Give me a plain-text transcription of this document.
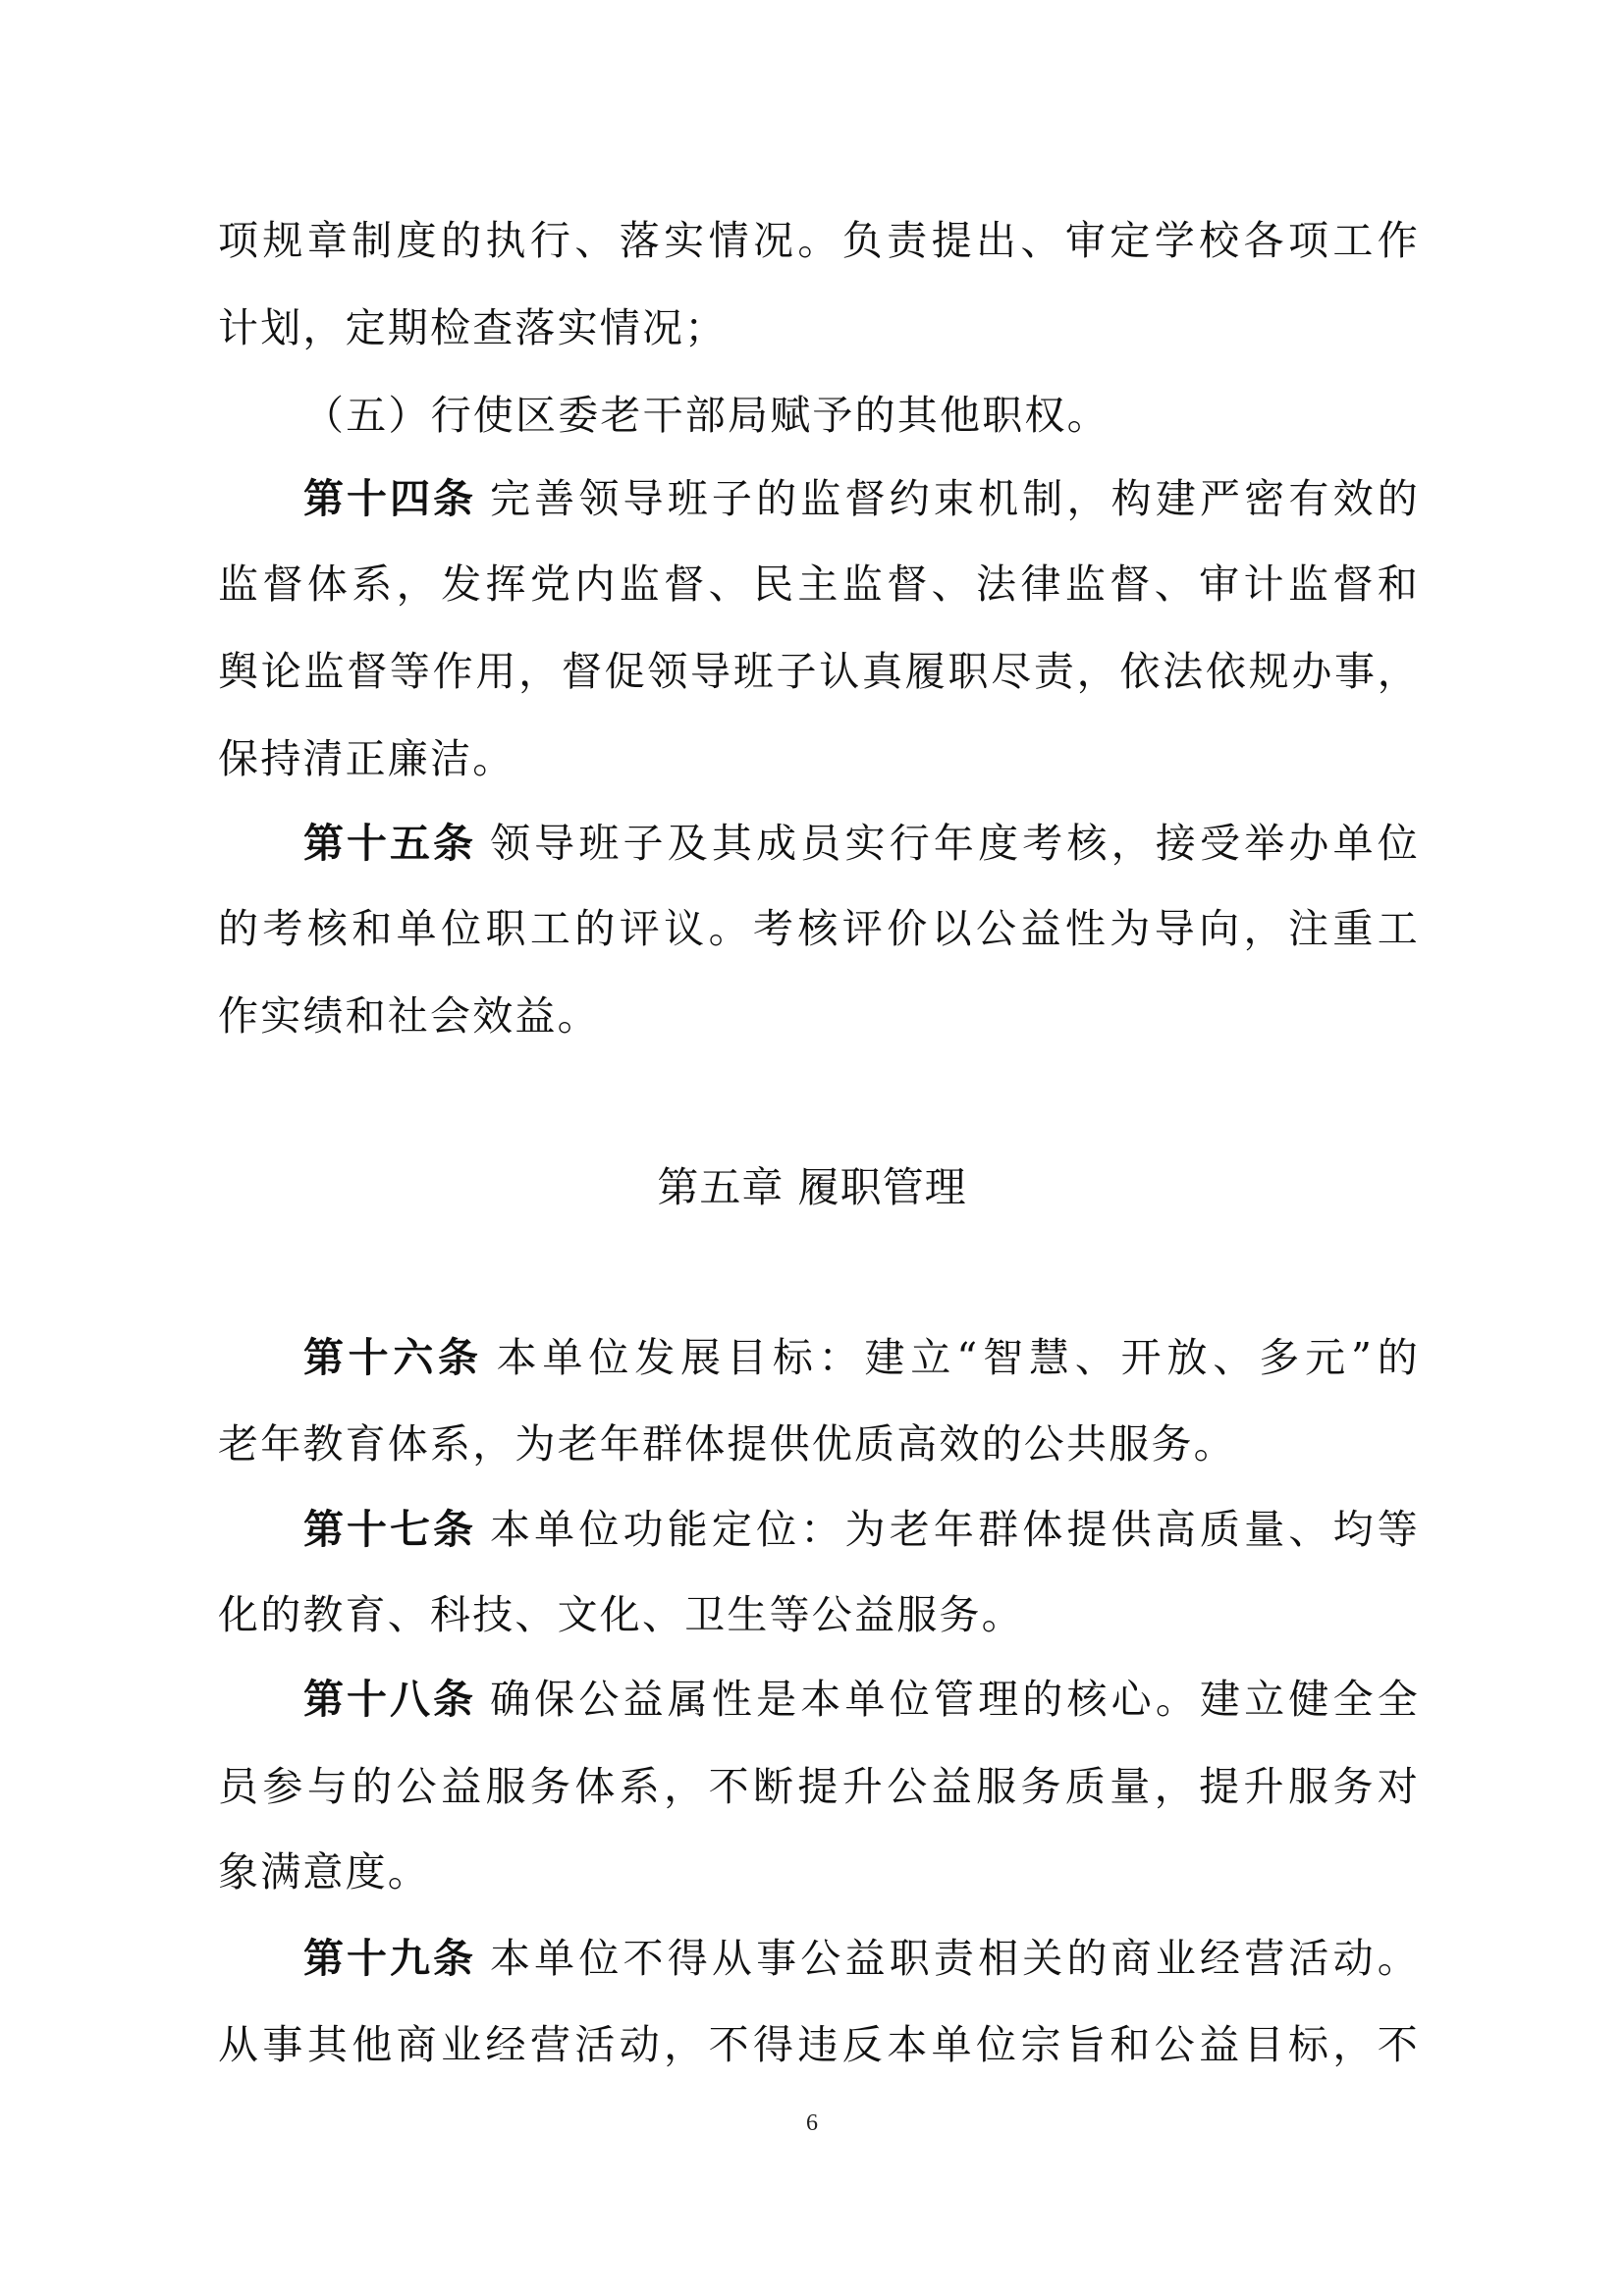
项规章制度的执行、落实情况。负责提出、审定学校各项工作
计划，定期检查落实情况；
（五）行使区委老干部局赋予的其他职权。
第十四条 完善领导班子的监督约束机制，构建严密有效的
监督体系，发挥党内监督、民主监督、法律监督、审计监督和
舆论监督等作用，督促领导班子认真履职尽责，依法依规办事，
保持清正廉洁。
第十五条 领导班子及其成员实行年度考核，接受举办单位
的考核和单位职工的评议。考核评价以公益性为导向，注重工
作实绩和社会效益。
第五章 履职管理
第十六条 本单位发展目标：建立“智慧、开放、多元”的
老年教育体系，为老年群体提供优质高效的公共服务。
第十七条 本单位功能定位：为老年群体提供高质量、均等
化的教育、科技、文化、卫生等公益服务。
第十八条 确保公益属性是本单位管理的核心。建立健全全
员参与的公益服务体系，不断提升公益服务质量，提升服务对
象满意度。
第十九条 本单位不得从事公益职责相关的商业经营活动。
从事其他商业经营活动，不得违反本单位宗旨和公益目标，不
6
